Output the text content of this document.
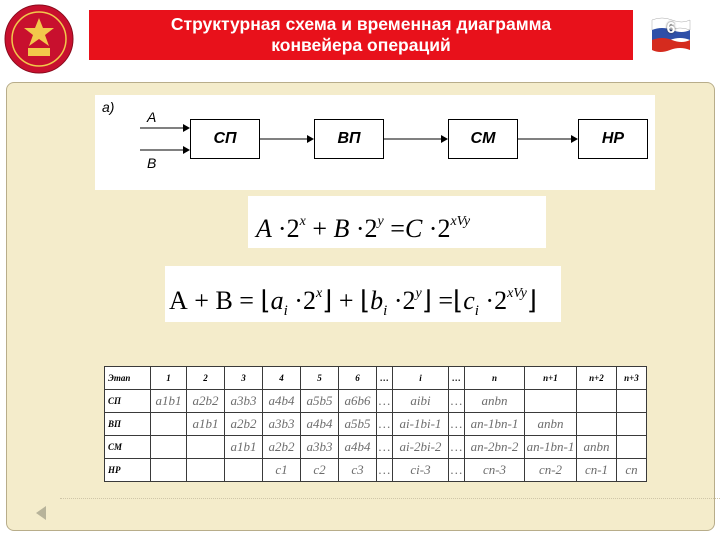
Структурная схема и временная диаграмма
конвейера операций
6
а)
А
В
СП	ВП	СМ	НР
$A \cdot 2^x + B \cdot 2^y =C \cdot 2^{xVy}$
$А + В = ⌊a_i$ $\cdot 2^x⌋$ + $⌊b_i$ $\cdot 2^y⌋$ $=⌊c_i$ $\cdot 2^{xVy}⌋$
Этап	1	2	3	4	5	6	…	i	…	n	n+1	n+2	n+3
СП	a1b1	a2b2	a3b3	a4b4	a5b5	a6b6	…	aibi	…	anbn			
ВП		a1b1	a2b2	a3b3	a4b4	a5b5	…	ai-1bi-1	…	an-1bn-1	anbn		
СМ			a1b1	a2b2	a3b3	a4b4	…	ai-2bi-2	…	an-2bn-2	an-1bn-1	anbn	
НР				c1	c2	c3	…	ci-3	…	cn-3	cn-2	cn-1	cn
